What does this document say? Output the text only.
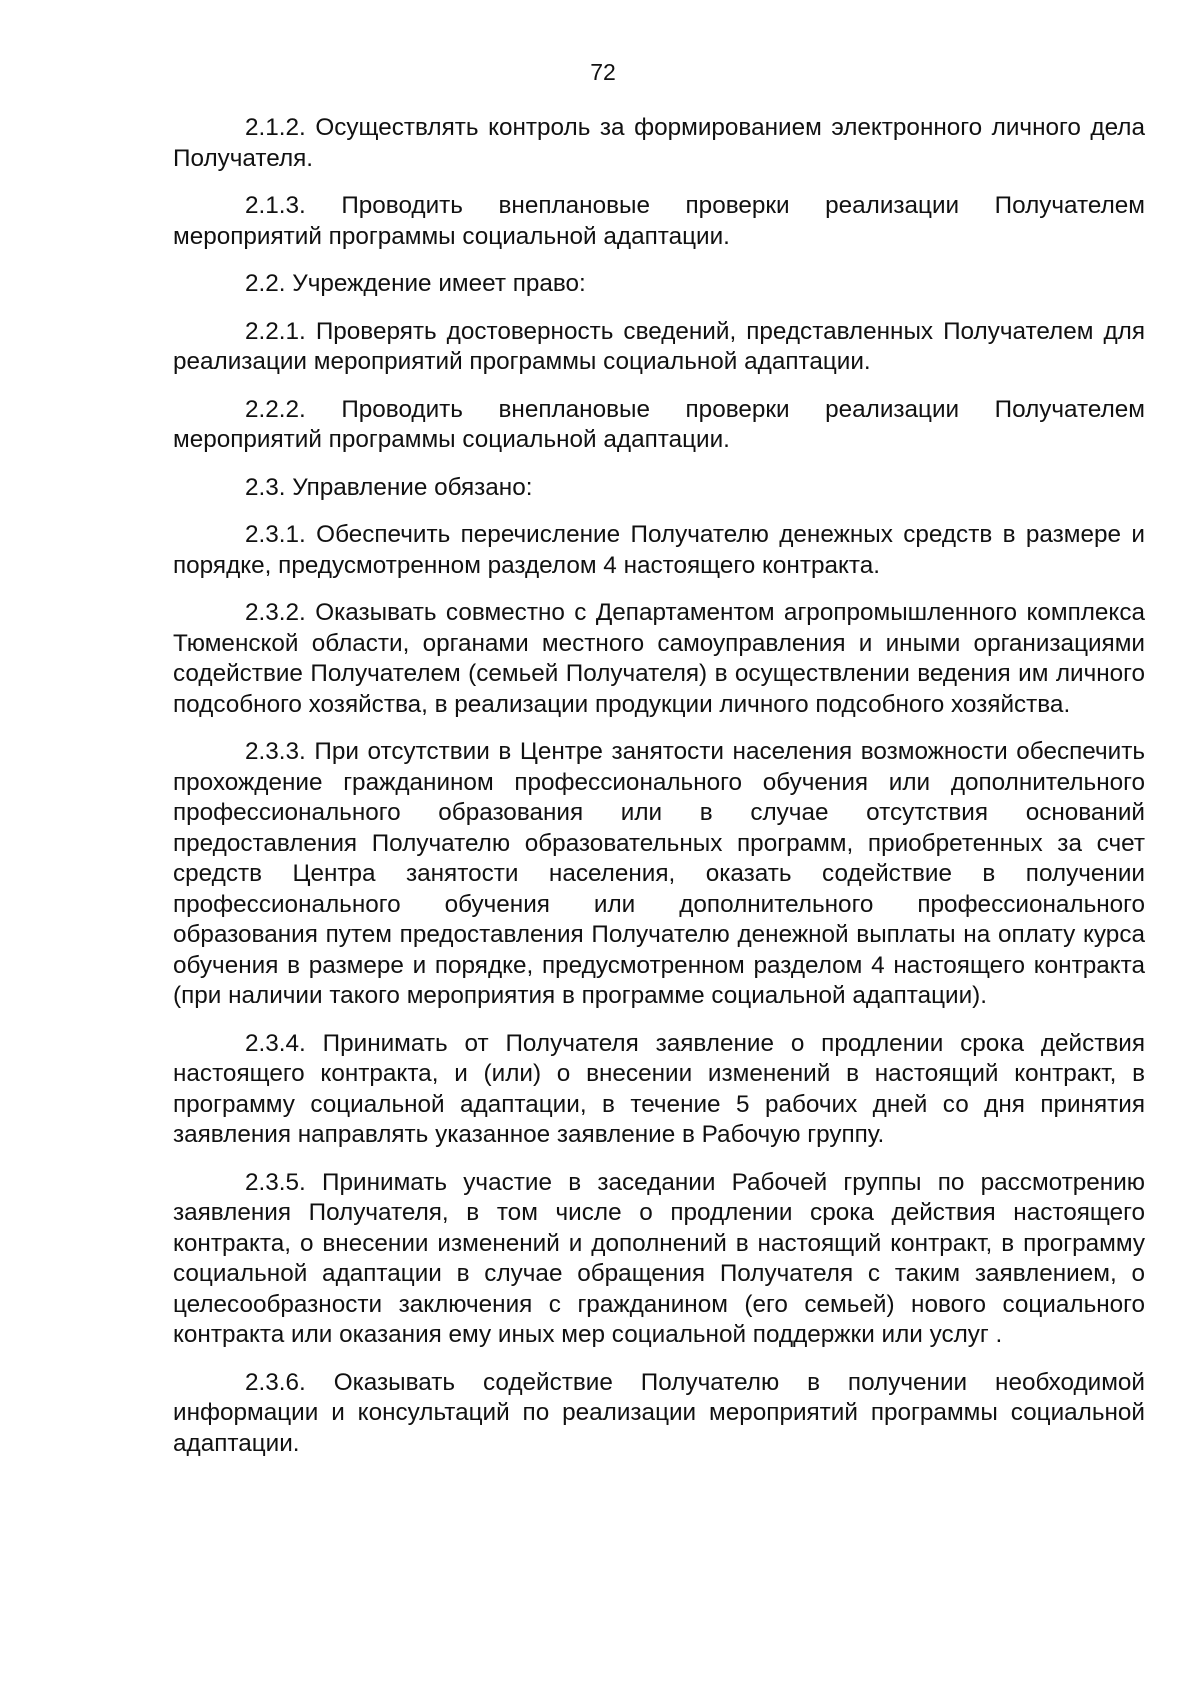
72

2.1.2. Осуществлять контроль за формированием электронного личного дела Получателя.

2.1.3. Проводить внеплановые проверки реализации Получателем мероприятий программы социальной адаптации.

2.2. Учреждение имеет право:

2.2.1. Проверять достоверность сведений, представленных Получателем для реализации мероприятий программы социальной адаптации.

2.2.2. Проводить внеплановые проверки реализации Получателем мероприятий программы социальной адаптации.

2.3. Управление обязано:

2.3.1. Обеспечить перечисление Получателю денежных средств в размере и порядке, предусмотренном разделом 4 настоящего контракта.

2.3.2. Оказывать совместно с Департаментом агропромышленного комплекса Тюменской области, органами местного самоуправления и иными организациями содействие Получателем (семьей Получателя) в осуществлении ведения им личного подсобного хозяйства, в реализации продукции личного подсобного хозяйства.

2.3.3. При отсутствии в Центре занятости населения возможности обеспечить прохождение гражданином профессионального обучения или дополнительного профессионального образования или в случае отсутствия оснований предоставления Получателю образовательных программ, приобретенных за счет средств Центра занятости населения, оказать содействие в получении профессионального обучения или дополнительного профессионального образования путем предоставления Получателю денежной выплаты на оплату курса обучения в размере и порядке, предусмотренном разделом 4 настоящего контракта (при наличии такого мероприятия в программе социальной адаптации).

2.3.4. Принимать от Получателя заявление о продлении срока действия настоящего контракта, и (или) о внесении изменений в настоящий контракт, в программу социальной адаптации, в течение 5 рабочих дней со дня принятия заявления направлять указанное заявление в Рабочую группу.

2.3.5. Принимать участие в заседании Рабочей группы по рассмотрению заявления Получателя, в том числе о продлении срока действия настоящего контракта, о внесении изменений и дополнений в настоящий контракт, в программу социальной адаптации в случае обращения Получателя с таким заявлением, о целесообразности заключения с гражданином (его семьей) нового социального контракта или оказания ему иных мер социальной поддержки или услуг .

2.3.6. Оказывать содействие Получателю в получении необходимой информации и консультаций по реализации мероприятий программы социальной адаптации.
